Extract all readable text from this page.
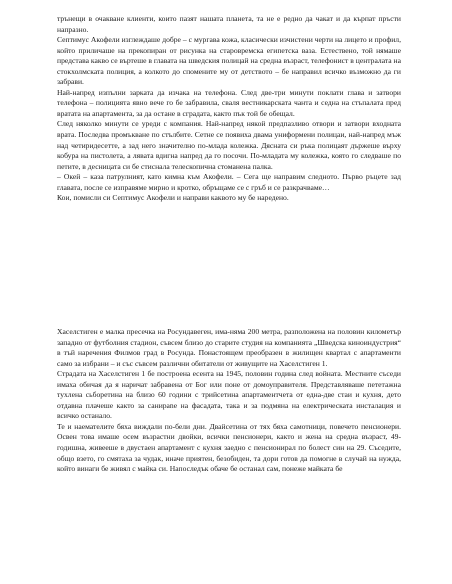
трънещи в очакване клиенти, които пазят нашата планета, та не е редно да чакат и да кърпат пръсти напразно.

Септимус Акофели изглеждаше добре – с мургава кожа, класически изчистени черти на лицето и профил, който приличаше на прекопиран от рисунка на старовремска египетска ваза. Естествено, той нямаше представа какво се въртеше в главата на шведския полицай на средна възраст, телефонист в централата на стокхолмската полиция, а колкото до спомените му от детството – бе направил всичко възможно да ги забрави.

Най-напред изпълни зарката да изчака на телефона. След две-три минути поклати глава и затвори телефона – полицията явно вече го бе забравила, сваля вестникарската чанта и седна на стъпалата пред вратата на апартамента, за да остане в сградата, както пък той бе обещал.

След няколко минути се уреди с компания. Най-напред някой предпазливо отвори и затвори входната врата. Последва промъкване по стълбите. Сетне се появиха двама униформени полицаи, най-напред мъж над четиридесетте, а зад него значително по-млада колежка. Дясната си ръка полицаят държеше върху кобура на пистолета, а лявата вдигна напред да го посочи. По-младата му колежка, която го следваше по петите, в десницата си бе стиснала телескопична стоманена палка.

– Окей – каза патрулният, като кимна към Акофели. – Сега ще направим следното. Първо ръцете зад главата, после се изправяме мирно и кротко, обръщаме се с гръб и се разкрачваме…

Кои, помисли си Септимус Акофели и направи каквото му бе наредено.

Хаселстиген е малка пресечка на Росундавеген, има-няма 200 метра, разположена на половин километър западно от футболния стадион, съвсем близо до старите студия на компанията „Шведска кинoиндустрия“ в тъй наречения Филмов град в Росунда. Понастоящем преобразен в жилищен квартал с апартаменти само за избрани – и със съвсем различни обитатели от живущите на Хаселстиген 1.

Страдата на Хаселстиген 1 бе построена есента на 1945, половин година след войната. Местните съседи имаха обичая да я наричат забравена от Бог или поне от домоуправителя. Представляваше пететажна тухлена сьборетина на близо 60 години с трийсетина апартаментчета от една-две стаи и кухня, дето отдавна плачеше както за санирane на фасадата, така и за подмяна на електрическата инсталация и всичко останало.

Те и наемателите бяха виждали по-бели дни. Двайсетина от тях бяха самотници, повечето пенсионери. Освен това имаше осем възрастни двойки, всички пенсионери, както и жена на средна възраст, 49-годишна, живееше в двустаен апартамент с кухня заедно с пенсионирал по болест син на 29. Съседите, общо взето, го смятаха за чудак, иначе приятен, безобиден, та дори готов да помогне в случай на нужда, който винаги бе живял с майка си. Напоследък обаче бе останал сам, понеже майката бе
